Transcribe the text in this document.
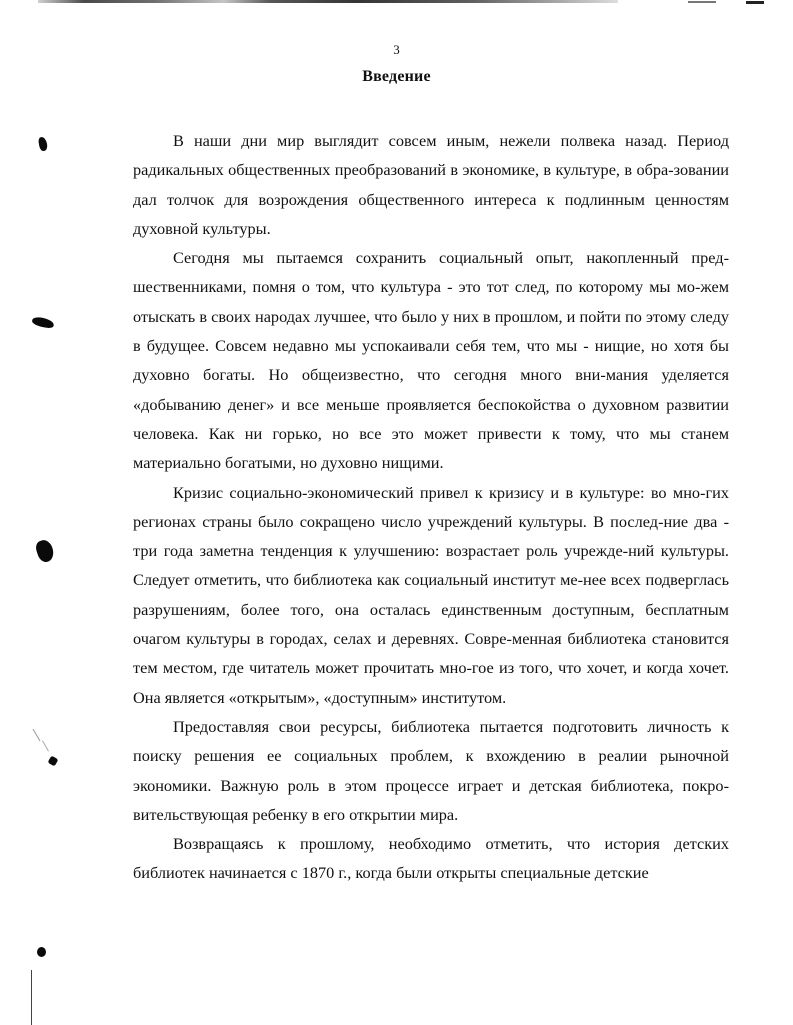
3
Введение

В наши дни мир выглядит совсем иным, нежели полвека назад. Период радикальных общественных преобразований в экономике, в культуре, в обра-зовании дал толчок для возрождения общественного интереса к подлинным ценностям духовной культуры.

Сегодня мы пытаемся сохранить социальный опыт, накопленный пред-шественниками, помня о том, что культура - это тот след, по которому мы мо-жем отыскать в своих народах лучшее, что было у них в прошлом, и пойти по этому следу в будущее. Совсем недавно мы успокаивали себя тем, что мы - нищие, но хотя бы духовно богаты. Но общеизвестно, что сегодня много вни-мания уделяется «добыванию денег» и все меньше проявляется беспокойства о духовном развитии человека. Как ни горько, но все это может привести к тому, что мы станем материально богатыми, но духовно нищими.

Кризис социально-экономический привел к кризису и в культуре: во мно-гих регионах страны было сокращено число учреждений культуры. В послед-ние два - три года заметна тенденция к улучшению: возрастает роль учрежде-ний культуры. Следует отметить, что библиотека как социальный институт ме-нее всех подверглась разрушениям, более того, она осталась единственным доступным, бесплатным очагом культуры в городах, селах и деревнях. Совре-менная библиотека становится тем местом, где читатель может прочитать мно-гое из того, что хочет, и когда хочет. Она является «открытым», «доступным» институтом.

Предоставляя свои ресурсы, библиотека пытается подготовить личность к поиску решения ее социальных проблем, к вхождению в реалии рыночной экономики. Важную роль в этом процессе играет и детская библиотека, покро-вительствующая ребенку в его открытии мира.

Возвращаясь к прошлому, необходимо отметить, что история детских библиотек начинается с 1870 г., когда были открыты специальные детские
